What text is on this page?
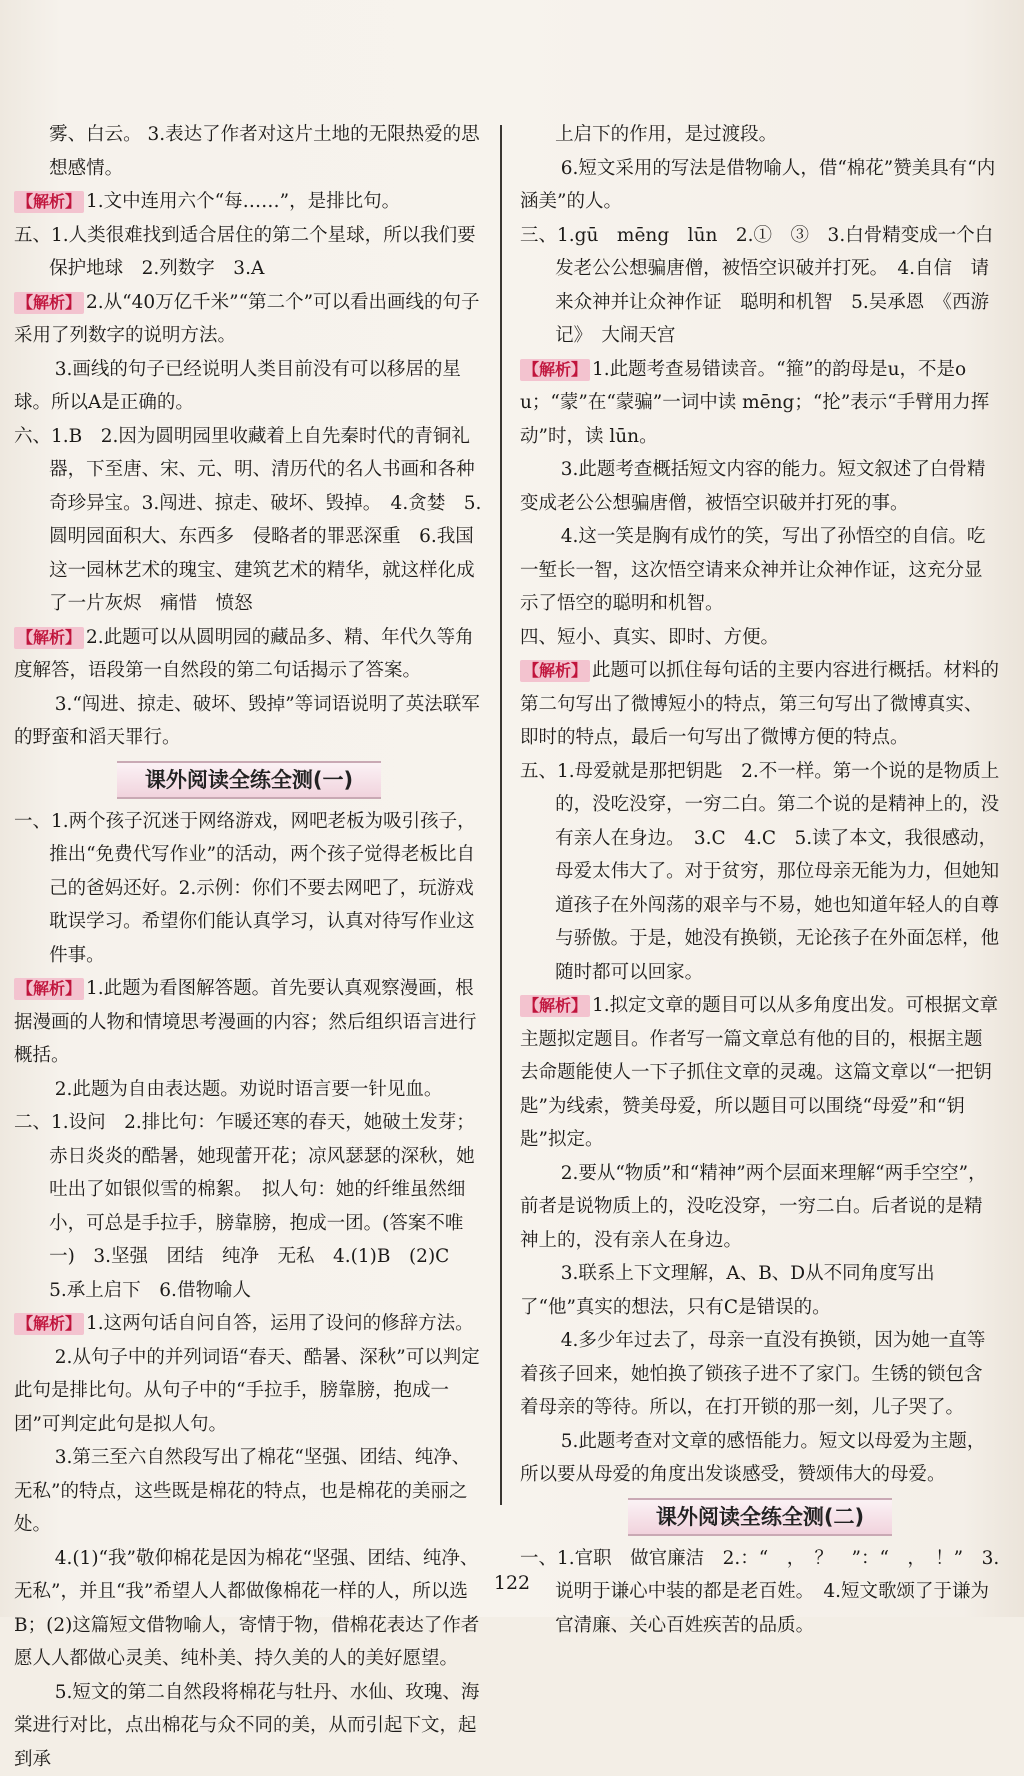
雾、白云。 3.表达了作者对这片土地的无限热爱的思想感情。

【解析】 1.文中连用六个“每……”，是排比句。

五、1.人类很难找到适合居住的第二个星球，所以我们要保护地球　2.列数字　3.A

【解析】 2.从“40万亿千米”“第二个”可以看出画线的句子采用了列数字的说明方法。

3.画线的句子已经说明人类目前没有可以移居的星球。所以A是正确的。

六、1.B　2.因为圆明园里收藏着上自先秦时代的青铜礼器，下至唐、宋、元、明、清历代的名人书画和各种奇珍异宝。3.闯进、掠走、破坏、毁掉。　4.贪婪　5.圆明园面积大、东西多　侵略者的罪恶深重　6.我国这一园林艺术的瑰宝、建筑艺术的精华，就这样化成了一片灰烬　痛惜　愤怒

【解析】 2.此题可以从圆明园的藏品多、精、年代久等角度解答，语段第一自然段的第二句话揭示了答案。

3.“闯进、掠走、破坏、毁掉”等词语说明了英法联军的野蛮和滔天罪行。

课外阅读全练全测(一)

一、1.两个孩子沉迷于网络游戏，网吧老板为吸引孩子，推出“免费代写作业”的活动，两个孩子觉得老板比自己的爸妈还好。2.示例：你们不要去网吧了，玩游戏耽误学习。希望你们能认真学习，认真对待写作业这件事。

【解析】 1.此题为看图解答题。首先要认真观察漫画，根据漫画的人物和情境思考漫画的内容；然后组织语言进行概括。

2.此题为自由表达题。劝说时语言要一针见血。

二、1.设问　2.排比句：乍暖还寒的春天，她破土发芽；赤日炎炎的酷暑，她现蕾开花；凉风瑟瑟的深秋，她吐出了如银似雪的棉絮。　拟人句：她的纤维虽然细小，可总是手拉手，膀靠膀，抱成一团。(答案不唯一)　3.坚强　团结　纯净　无私　4.(1)B　(2)C　5.承上启下　6.借物喻人

【解析】 1.这两句话自问自答，运用了设问的修辞方法。

2.从句子中的并列词语“春天、酷暑、深秋”可以判定此句是排比句。从句子中的“手拉手，膀靠膀，抱成一团”可判定此句是拟人句。

3.第三至六自然段写出了棉花“坚强、团结、纯净、无私”的特点，这些既是棉花的特点，也是棉花的美丽之处。

4.(1)“我”敬仰棉花是因为棉花“坚强、团结、纯净、无私”，并且“我”希望人人都做像棉花一样的人，所以选B；(2)这篇短文借物喻人，寄情于物，借棉花表达了作者愿人人都做心灵美、纯朴美、持久美的人的美好愿望。

5.短文的第二自然段将棉花与牡丹、水仙、玫瑰、海棠进行对比，点出棉花与众不同的美，从而引起下文，起到承

上启下的作用，是过渡段。

6.短文采用的写法是借物喻人，借“棉花”赞美具有“内涵美”的人。

三、1.gū　mēng　lūn　2.①　③　3.白骨精变成一个白发老公公想骗唐僧，被悟空识破并打死。　4.自信　请来众神并让众神作证　聪明和机智　5.吴承恩　《西游记》　大闹天宫

【解析】 1.此题考查易错读音。“箍”的韵母是u，不是ou；“蒙”在“蒙骗”一词中读 mēng；“抡”表示“手臂用力挥动”时，读 lūn。

3.此题考查概括短文内容的能力。短文叙述了白骨精变成老公公想骗唐僧，被悟空识破并打死的事。

4.这一笑是胸有成竹的笑，写出了孙悟空的自信。吃一堑长一智，这次悟空请来众神并让众神作证，这充分显示了悟空的聪明和机智。

四、短小、真实、即时、方便。

【解析】 此题可以抓住每句话的主要内容进行概括。材料的第二句写出了微博短小的特点，第三句写出了微博真实、即时的特点，最后一句写出了微博方便的特点。

五、1.母爱就是那把钥匙　2.不一样。第一个说的是物质上的，没吃没穿，一穷二白。第二个说的是精神上的，没有亲人在身边。　3.C　4.C　5.读了本文，我很感动，母爱太伟大了。对于贫穷，那位母亲无能为力，但她知道孩子在外闯荡的艰辛与不易，她也知道年轻人的自尊与骄傲。于是，她没有换锁，无论孩子在外面怎样，他随时都可以回家。

【解析】 1.拟定文章的题目可以从多角度出发。可根据文章主题拟定题目。作者写一篇文章总有他的目的，根据主题去命题能使人一下子抓住文章的灵魂。这篇文章以“一把钥匙”为线索，赞美母爱，所以题目可以围绕“母爱”和“钥匙”拟定。

2.要从“物质”和“精神”两个层面来理解“两手空空”，前者是说物质上的，没吃没穿，一穷二白。后者说的是精神上的，没有亲人在身边。

3.联系上下文理解，A、B、D从不同角度写出了“他”真实的想法，只有C是错误的。

4.多少年过去了，母亲一直没有换锁，因为她一直等着孩子回来，她怕换了锁孩子进不了家门。生锈的锁包含着母亲的等待。所以，在打开锁的那一刻，儿子哭了。

5.此题考查对文章的感悟能力。短文以母爱为主题，所以要从母爱的角度出发谈感受，赞颂伟大的母爱。

课外阅读全练全测(二)

一、1.官职　做官廉洁　2.：“　，　？　”：“　，　！”　3.说明于谦心中装的都是老百姓。　4.短文歌颂了于谦为官清廉、关心百姓疾苦的品质。

122
